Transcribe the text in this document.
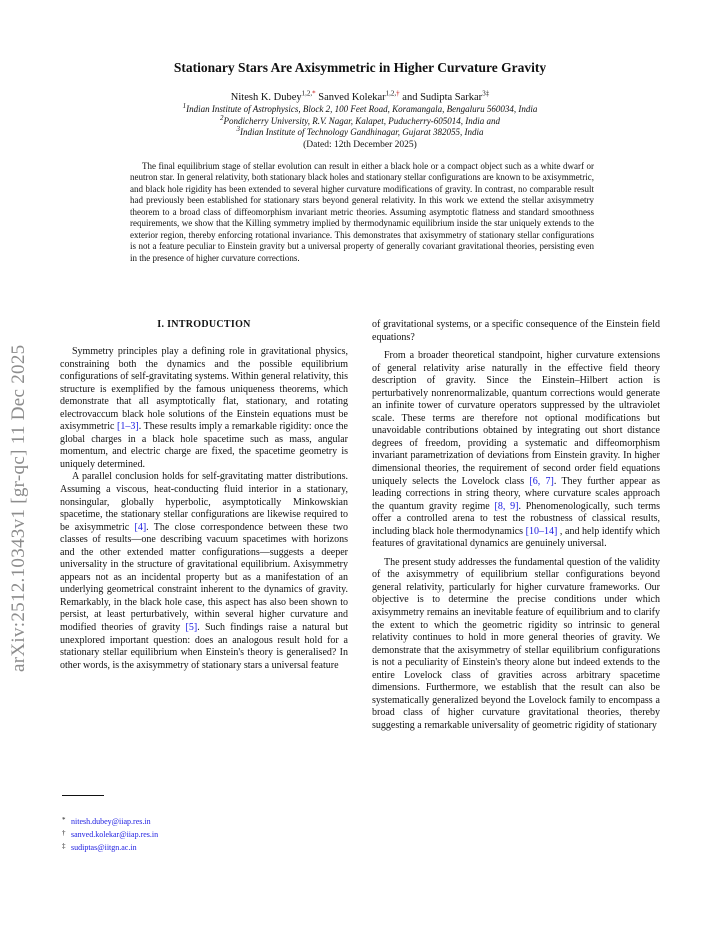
arXiv:2512.10343v1 [gr-qc] 11 Dec 2025
Stationary Stars Are Axisymmetric in Higher Curvature Gravity
Nitesh K. Dubey$^{1,2,*}$ Sanved Kolekar$^{1,2,\dagger}$ and Sudipta Sarkar$^{3\ddagger}$
$^1$Indian Institute of Astrophysics, Block 2, 100 Feet Road, Koramangala, Bengaluru 560034, India
$^2$Pondicherry University, R.V. Nagar, Kalapet, Puducherry-605014, India and
$^3$Indian Institute of Technology Gandhinagar, Gujarat 382055, India
(Dated: 12th December 2025)

The final equilibrium stage of stellar evolution can result in either a black hole or a compact object such as a white dwarf or neutron star. In general relativity, both stationary black holes and stationary stellar configurations are known to be axisymmetric, and black hole rigidity has been extended to several higher curvature modifications of gravity. In contrast, no comparable result had previously been established for stationary stars beyond general relativity. In this work we extend the stellar axisymmetry theorem to a broad class of diffeomorphism invariant metric theories. Assuming asymptotic flatness and standard smoothness requirements, we show that the Killing symmetry implied by thermodynamic equilibrium inside the star uniquely extends to the exterior region, thereby enforcing rotational invariance. This demonstrates that axisymmetry of stationary stellar configurations is not a feature peculiar to Einstein gravity but a universal property of generally covariant gravitational theories, persisting even in the presence of higher curvature corrections.

I. INTRODUCTION

Symmetry principles play a defining role in gravitational physics, constraining both the dynamics and the possible equilibrium configurations of self-gravitating systems. Within general relativity, this structure is exemplified by the famous uniqueness theorems, which demonstrate that all asymptotically flat, stationary, and rotating electrovaccum black hole solutions of the Einstein equations must be axisymmetric [1–3]. These results imply a remarkable rigidity: once the global charges in a black hole spacetime such as mass, angular momentum, and electric charge are fixed, the spacetime geometry is uniquely determined.

A parallel conclusion holds for self-gravitating matter distributions. Assuming a viscous, heat-conducting fluid interior in a stationary, nonsingular, globally hyperbolic, asymptotically Minkowskian spacetime, the stationary stellar configurations are likewise required to be axisymmetric [4]. The close correspondence between these two classes of results—one describing vacuum spacetimes with horizons and the other extended matter configurations—suggests a deeper universality in the structure of gravitational equilibrium. Axisymmetry appears not as an incidental property but as a manifestation of an underlying geometrical constraint inherent to the dynamics of gravity. Remarkably, in the black hole case, this aspect has also been shown to persist, at least perturbatively, within several higher curvature and modified theories of gravity [5]. Such findings raise a natural but unexplored important question: does an analogous result hold for a stationary stellar equilibrium when Einstein's theory is generalised? In other words, is the axisymmetry of stationary stars a universal feature

of gravitational systems, or a specific consequence of the Einstein field equations?

From a broader theoretical standpoint, higher curvature extensions of general relativity arise naturally in the effective field theory description of gravity. Since the Einstein–Hilbert action is perturbatively nonrenormalizable, quantum corrections would generate an infinite tower of curvature operators suppressed by the ultraviolet scale. These terms are therefore not optional modifications but unavoidable contributions obtained by integrating out short distance degrees of freedom, providing a systematic and diffeomorphism invariant parametrization of deviations from Einstein gravity. In higher dimensional theories, the requirement of second order field equations uniquely selects the Lovelock class [6, 7]. They further appear as leading corrections in string theory, where curvature scales approach the quantum gravity regime [8, 9]. Phenomenologically, such terms offer a controlled arena to test the robustness of classical results, including black hole thermodynamics [10–14] , and help identify which features of gravitational dynamics are genuinely universal.

The present study addresses the fundamental question of the validity of the axisymmetry of equilibrium stellar configurations beyond general relativity, particularly for higher curvature frameworks. Our objective is to determine the precise conditions under which axisymmetry remains an inevitable feature of equilibrium and to clarify the extent to which the geometric rigidity so intrinsic to general relativity continues to hold in more general theories of gravity. We demonstrate that the axisymmetry of stellar equilibrium configurations is not a peculiarity of Einstein's theory alone but indeed extends to the entire Lovelock class of gravities across arbitrary spacetime dimensions. Furthermore, we establish that the result can also be systematically generalized beyond the Lovelock family to encompass a broad class of higher curvature gravitational theories, thereby suggesting a remarkable universality of geometric rigidity of stationary

* nitesh.dubey@iiap.res.in
† sanved.kolekar@iiap.res.in
‡ sudiptas@iitgn.ac.in
